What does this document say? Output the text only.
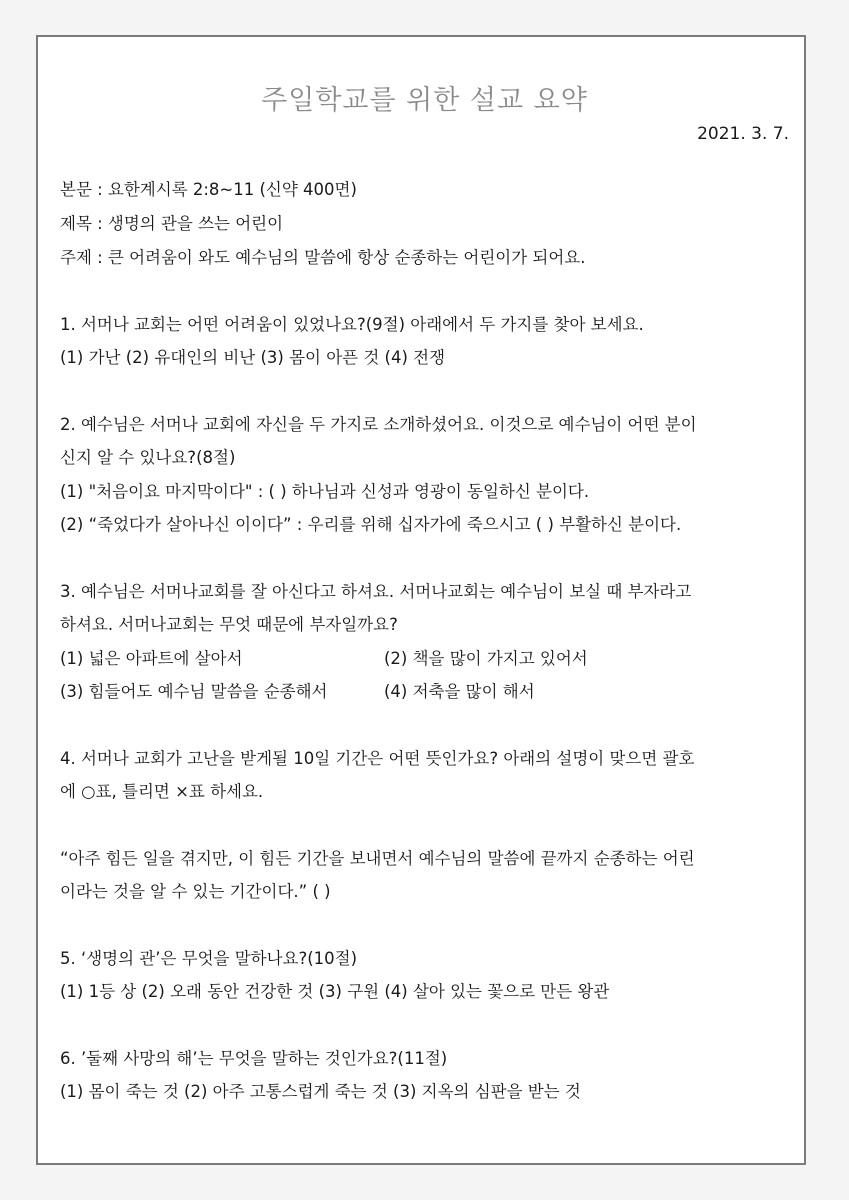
주일학교를 위한 설교 요약
2021. 3. 7.
본문 : 요한계시록 2:8~11 (신약 400면)
제목 : 생명의 관을 쓰는 어린이
주제 : 큰 어려움이 와도 예수님의 말씀에 항상 순종하는 어린이가 되어요.
1. 서머나 교회는 어떤 어려움이 있었나요?(9절) 아래에서 두 가지를 찾아 보세요.
(1) 가난 (2) 유대인의 비난 (3) 몸이 아픈 것 (4) 전쟁
2. 예수님은 서머나 교회에 자신을 두 가지로 소개하셨어요. 이것으로 예수님이 어떤 분이
신지 알 수 있나요?(8절)
(1) "처음이요 마지막이다" : ( ) 하나님과 신성과 영광이 동일하신 분이다.
(2) “죽었다가 살아나신 이이다” : 우리를 위해 십자가에 죽으시고 ( ) 부활하신 분이다.
3. 예수님은 서머나교회를 잘 아신다고 하셔요. 서머나교회는 예수님이 보실 때 부자라고
하셔요. 서머나교회는 무엇 때문에 부자일까요?
(1) 넓은 아파트에 살아서	(2) 책을 많이 가지고 있어서
(3) 힘들어도 예수님 말씀을 순종해서	(4) 저축을 많이 해서
4. 서머나 교회가 고난을 받게될 10일 기간은 어떤 뜻인가요? 아래의 설명이 맞으면 괄호
에 ○표, 틀리면 ×표 하세요.
“아주 힘든 일을 겪지만, 이 힘든 기간을 보내면서 예수님의 말씀에 끝까지 순종하는 어린
이라는 것을 알 수 있는 기간이다.” ( )
5. ‘생명의 관’은 무엇을 말하나요?(10절)
(1) 1등 상 (2) 오래 동안 건강한 것 (3) 구원 (4) 살아 있는 꽃으로 만든 왕관
6. ’둘째 사망의 해’는 무엇을 말하는 것인가요?(11절)
(1) 몸이 죽는 것 (2) 아주 고통스럽게 죽는 것 (3) 지옥의 심판을 받는 것
